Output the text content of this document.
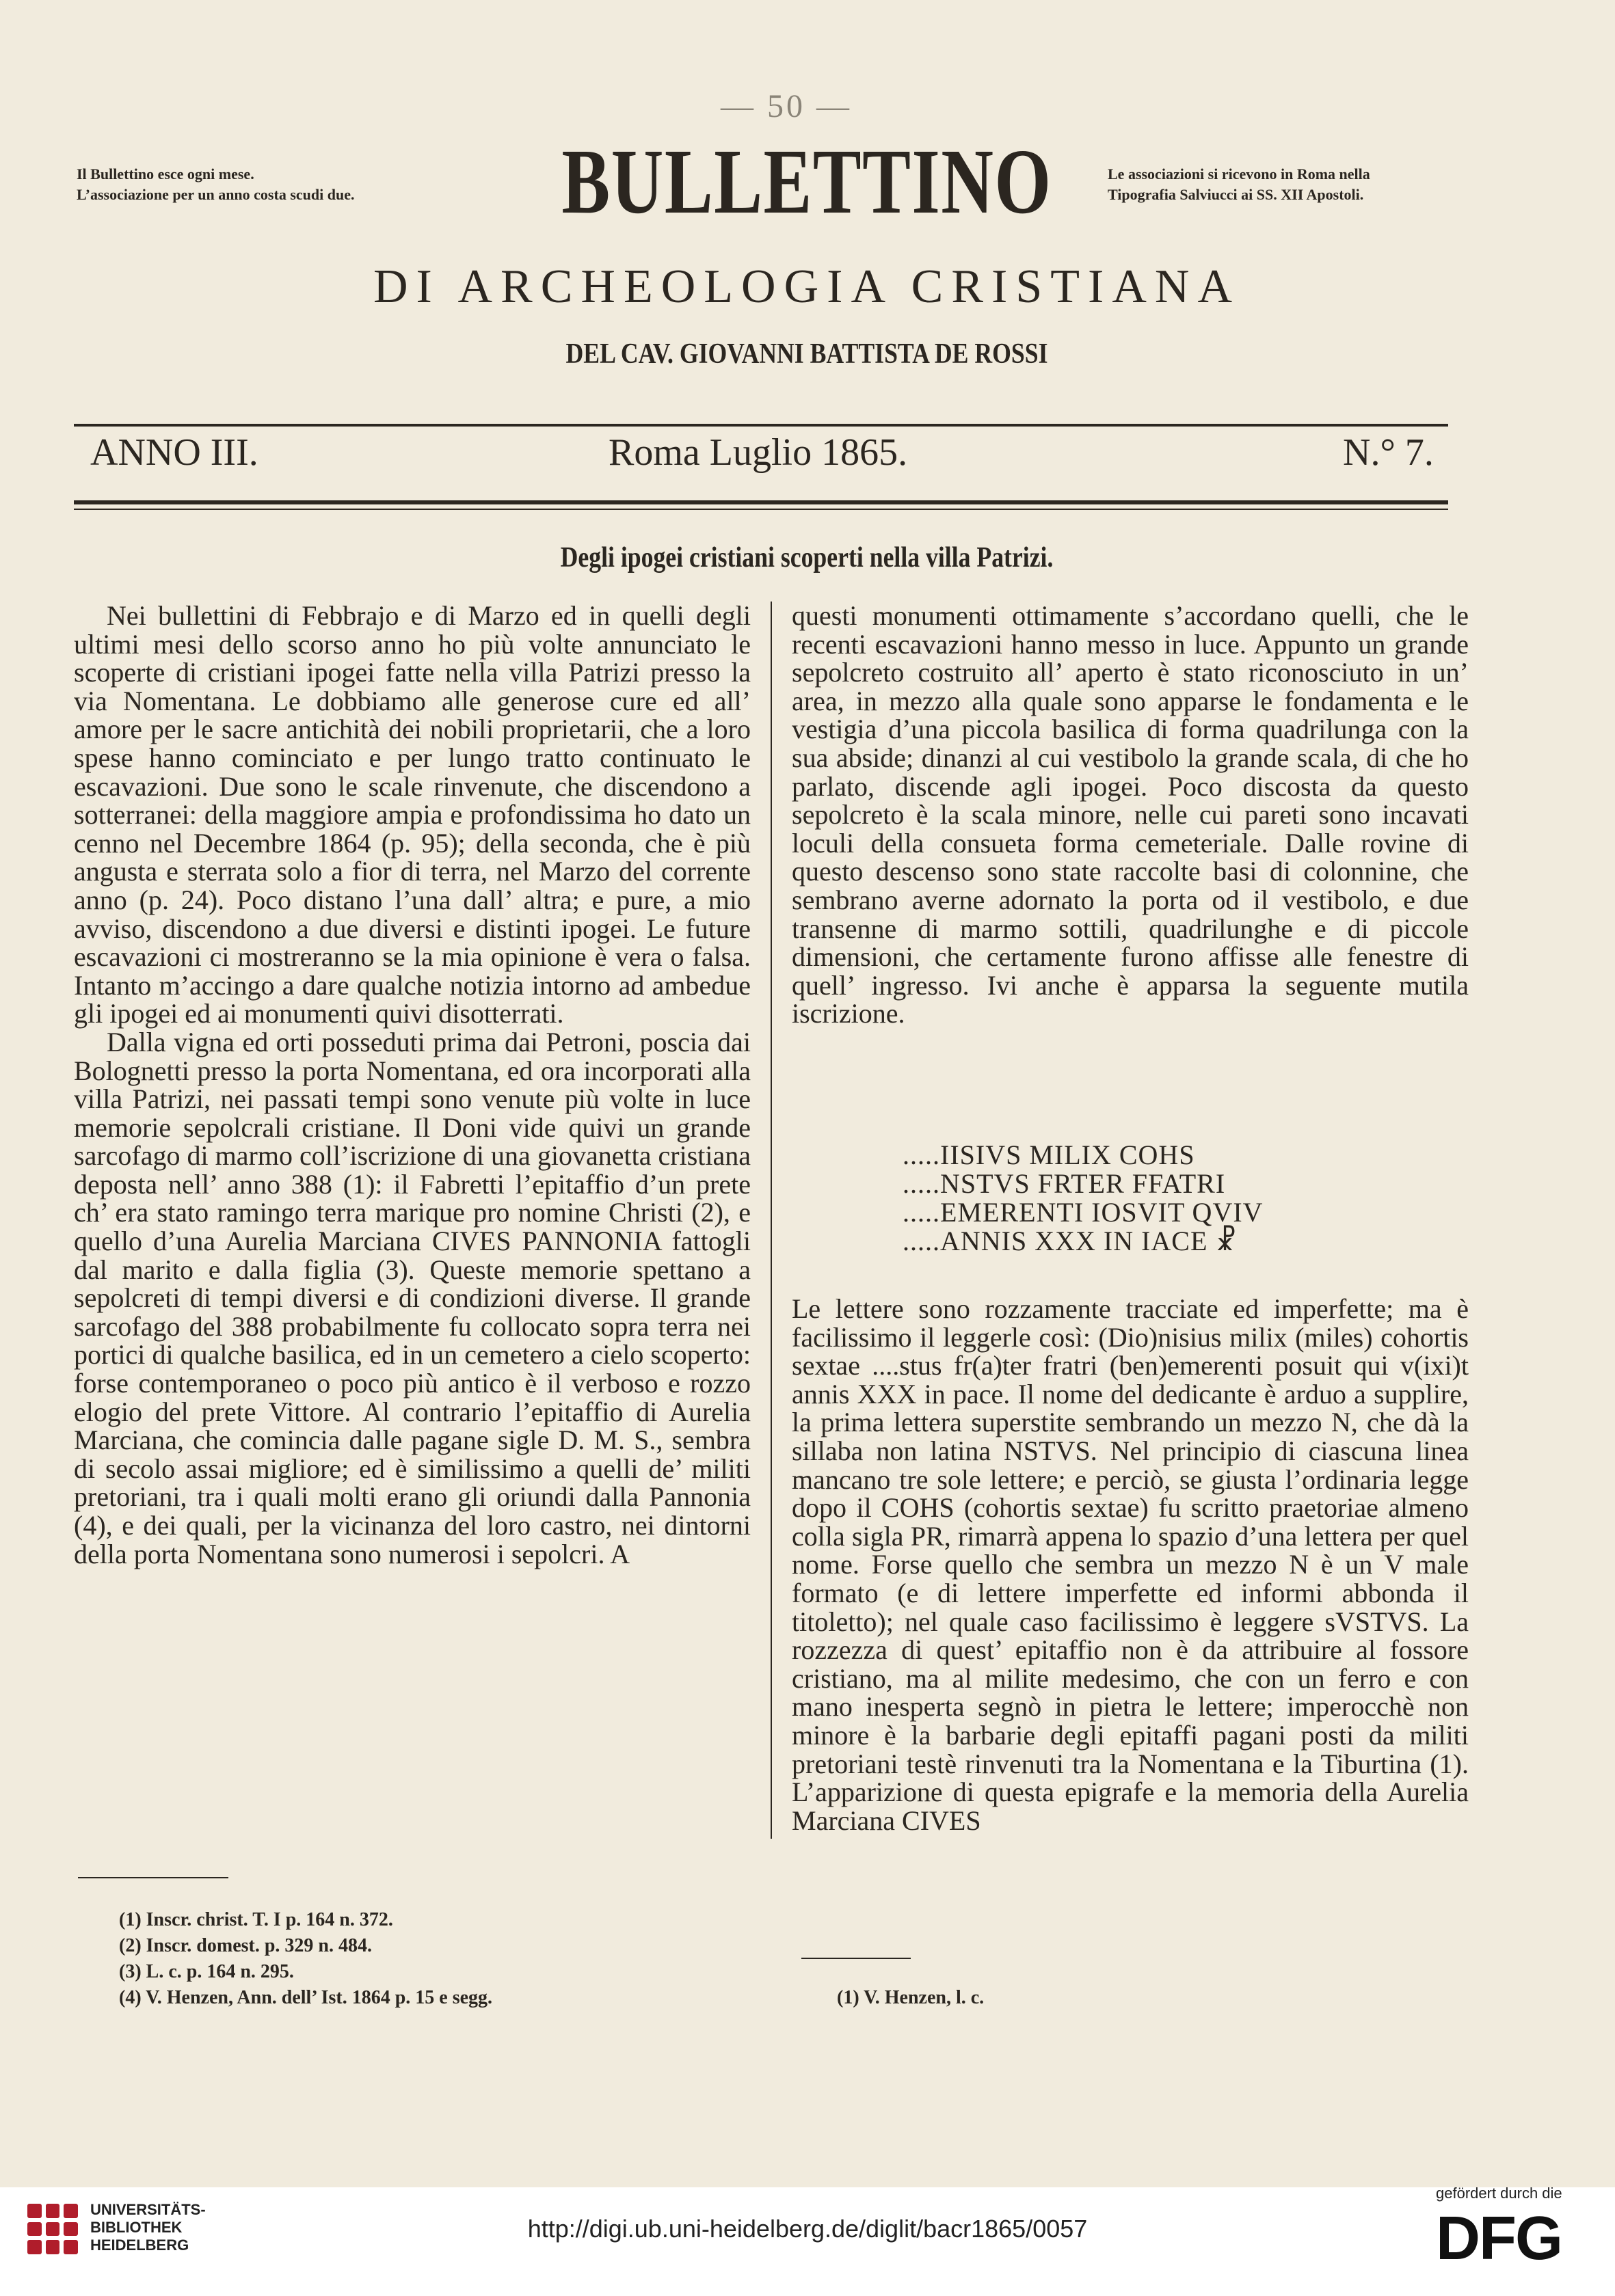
— 50 —
Il Bullettino esce ogni mese.
L’associazione per un anno costa scudi due.
Le associazioni si ricevono in Roma nella
Tipografia Salviucci ai SS. XII Apostoli.
BULLETTINO
DI ARCHEOLOGIA CRISTIANA
DEL CAV. GIOVANNI BATTISTA DE ROSSI
ANNO III.	Roma Luglio 1865.	N.° 7.
Degli ipogei cristiani scoperti nella villa Patrizi.

Nei bullettini di Febbrajo e di Marzo ed in quelli degli ultimi mesi dello scorso anno ho più volte annunciato le scoperte di cristiani ipogei fatte nella villa Patrizi presso la via Nomentana. Le dobbiamo alle generose cure ed all’ amore per le sacre antichità dei nobili proprietarii, che a loro spese hanno cominciato e per lungo tratto continuato le escavazioni. Due sono le scale rinvenute, che discendono a sotterranei: della maggiore ampia e profondissima ho dato un cenno nel Decembre 1864 (p. 95); della seconda, che è più angusta e sterrata solo a fior di terra, nel Marzo del corrente anno (p. 24). Poco distano l’una dall’ altra; e pure, a mio avviso, discendono a due diversi e distinti ipogei. Le future escavazioni ci mostreranno se la mia opinione è vera o falsa. Intanto m’accingo a dare qualche notizia intorno ad ambedue gli ipogei ed ai monumenti quivi disotterrati.

Dalla vigna ed orti posseduti prima dai Petroni, poscia dai Bolognetti presso la porta Nomentana, ed ora incorporati alla villa Patrizi, nei passati tempi sono venute più volte in luce memorie sepolcrali cristiane. Il Doni vide quivi un grande sarcofago di marmo coll’iscrizione di una giovanetta cristiana deposta nell’ anno 388 (1): il Fabretti l’epitaffio d’un prete ch’ era stato ramingo terra marique pro nomine Christi (2), e quello d’una Aurelia Marciana CIVES PANNONIA fattogli dal marito e dalla figlia (3). Queste memorie spettano a sepolcreti di tempi diversi e di condizioni diverse. Il grande sarcofago del 388 probabilmente fu collocato sopra terra nei portici di qualche basilica, ed in un cemetero a cielo scoperto: forse contemporaneo o poco più antico è il verboso e rozzo elogio del prete Vittore. Al contrario l’epitaffio di Aurelia Marciana, che comincia dalle pagane sigle D. M. S., sembra di secolo assai migliore; ed è similissimo a quelli de’ militi pretoriani, tra i quali molti erano gli oriundi dalla Pannonia (4), e dei quali, per la vicinanza del loro castro, nei dintorni della porta Nomentana sono numerosi i sepolcri. A

questi monumenti ottimamente s’accordano quelli, che le recenti escavazioni hanno messo in luce. Appunto un grande sepolcreto costruito all’ aperto è stato riconosciuto in un’ area, in mezzo alla quale sono apparse le fondamenta e le vestigia d’una piccola basilica di forma quadrilunga con la sua abside; dinanzi al cui vestibolo la grande scala, di che ho parlato, discende agli ipogei. Poco discosta da questo sepolcreto è la scala minore, nelle cui pareti sono incavati loculi della consueta forma cemeteriale. Dalle rovine di questo descenso sono state raccolte basi di colonnine, che sembrano averne adornato la porta od il vestibolo, e due transenne di marmo sottili, quadrilunghe e di piccole dimensioni, che certamente furono affisse alle fenestre di quell’ ingresso. Ivi anche è apparsa la seguente mutila iscrizione.

.....IISIVS MILIX COHS
.....NSTVS FRTER FFATRI
.....EMERENTI IOSVIT QVIV
.....ANNIS XXX IN IACE ☧

Le lettere sono rozzamente tracciate ed imperfette; ma è facilissimo il leggerle così: (Dio)nisius milix (miles) cohortis sextae ....stus fr(a)ter fratri (ben)emerenti posuit qui v(ixi)t annis XXX in pace. Il nome del dedicante è arduo a supplire, la prima lettera superstite sembrando un mezzo N, che dà la sillaba non latina NSTVS. Nel principio di ciascuna linea mancano tre sole lettere; e perciò, se giusta l’ordinaria legge dopo il COHS (cohortis sextae) fu scritto praetoriae almeno colla sigla PR, rimarrà appena lo spazio d’una lettera per quel nome. Forse quello che sembra un mezzo N è un V male formato (e di lettere imperfette ed informi abbonda il titoletto); nel quale caso facilissimo è leggere sVSTVS. La rozzezza di quest’ epitaffio non è da attribuire al fossore cristiano, ma al milite medesimo, che con un ferro e con mano inesperta segnò in pietra le lettere; imperocchè non minore è la barbarie degli epitaffi pagani posti da militi pretoriani testè rinvenuti tra la Nomentana e la Tiburtina (1). L’apparizione di questa epigrafe e la memoria della Aurelia Marciana CIVES

(1) Inscr. christ. T. I p. 164 n. 372.
(2) Inscr. domest. p. 329 n. 484.
(3) L. c. p. 164 n. 295.
(4) V. Henzen, Ann. dell’ Ist. 1864 p. 15 e segg.	(1) V. Henzen, l. c.
UNIVERSITÄTS-
BIBLIOTHEK
HEIDELBERG
http://digi.ub.uni-heidelberg.de/diglit/bacr1865/0057
gefördert durch die
DFG
